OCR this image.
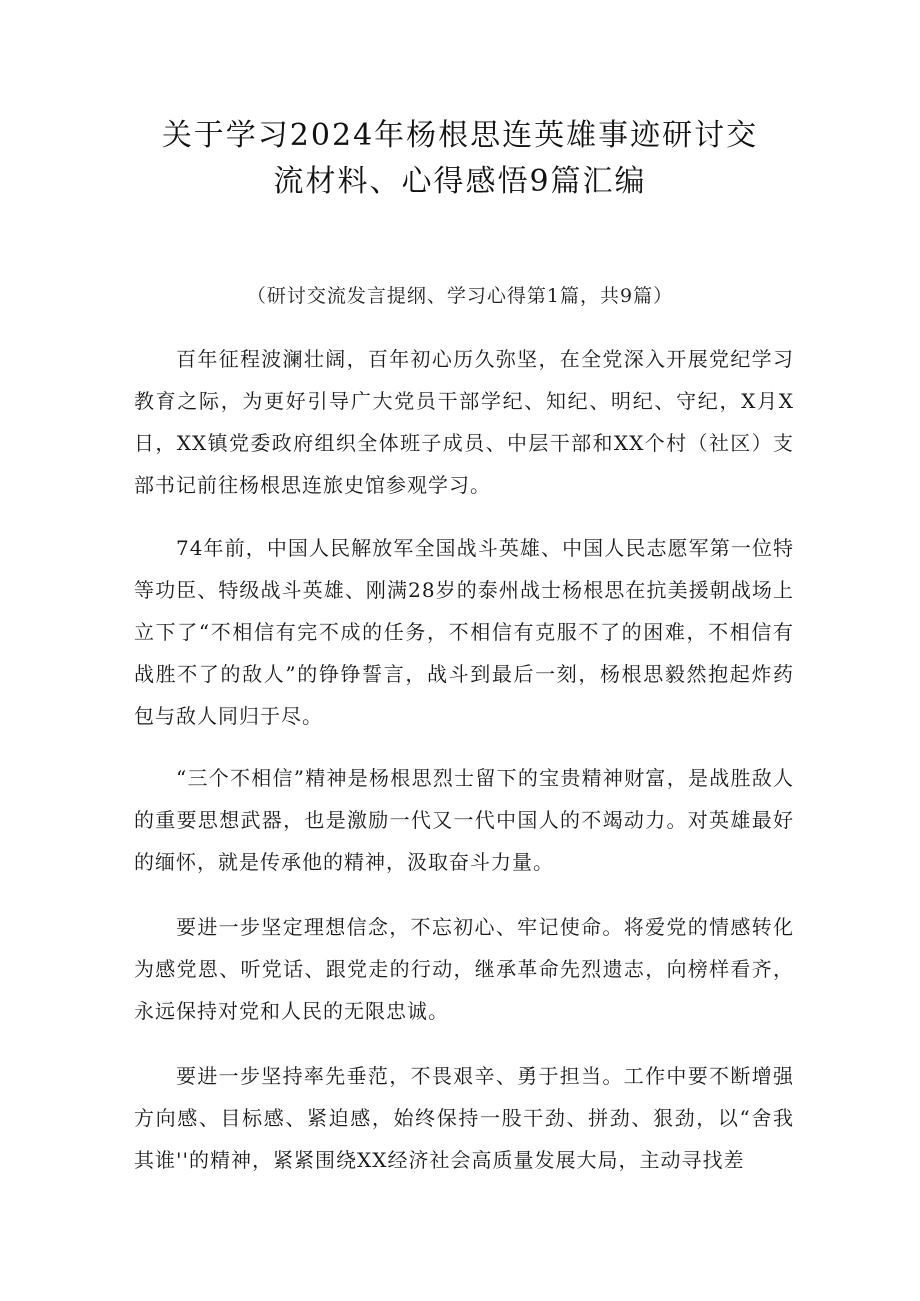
关于学习2024年杨根思连英雄事迹研讨交
流材料、心得感悟9篇汇编
（研讨交流发言提纲、学习心得第1篇，共9篇）

百年征程波澜壮阔，百年初心历久弥坚，在全党深入开展党纪学习教育之际，为更好引导广大党员干部学纪、知纪、明纪、守纪，X月X日，XX镇党委政府组织全体班子成员、中层干部和XX个村（社区）支部书记前往杨根思连旅史馆参观学习。

74年前，中国人民解放军全国战斗英雄、中国人民志愿军第一位特等功臣、特级战斗英雄、刚满28岁的泰州战士杨根思在抗美援朝战场上立下了“不相信有完不成的任务，不相信有克服不了的困难，不相信有战胜不了的敌人”的铮铮誓言，战斗到最后一刻，杨根思毅然抱起炸药包与敌人同归于尽。

“三个不相信”精神是杨根思烈士留下的宝贵精神财富，是战胜敌人的重要思想武器，也是激励一代又一代中国人的不竭动力。对英雄最好的缅怀，就是传承他的精神，汲取奋斗力量。

要进一步坚定理想信念，不忘初心、牢记使命。将爱党的情感转化为感党恩、听党话、跟党走的行动，继承革命先烈遗志，向榜样看齐，永远保持对党和人民的无限忠诚。

要进一步坚持率先垂范，不畏艰辛、勇于担当。工作中要不断增强方向感、目标感、紧迫感，始终保持一股干劲、拼劲、狠劲，以“舍我其谁''的精神，紧紧围绕XX经济社会高质量发展大局，主动寻找差
